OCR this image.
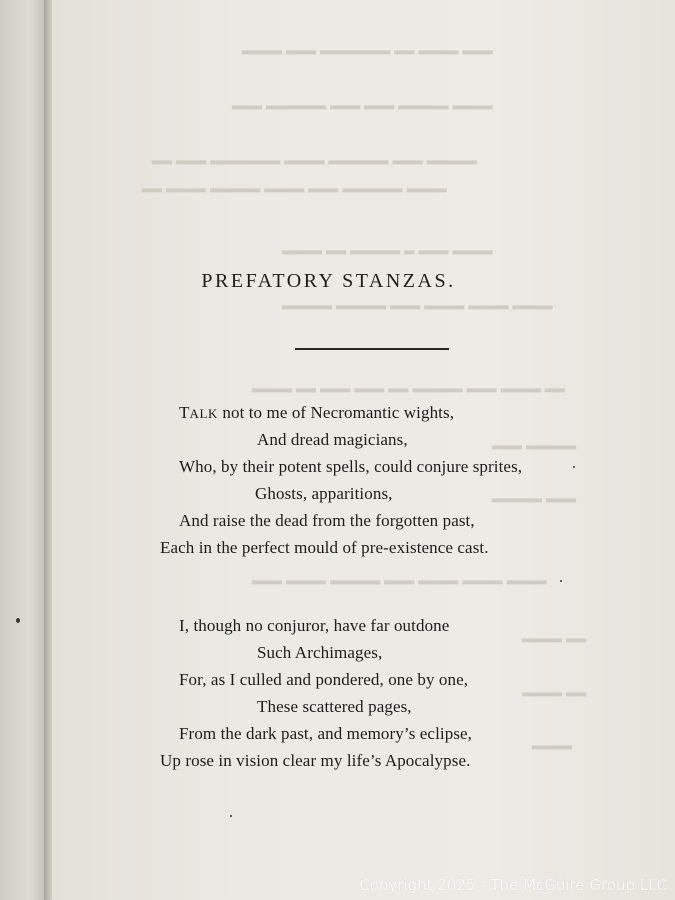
▂▂▂ ▂▂▂▂ ▂▂ ▂▂▂▂▂▂▂ ▂▂▂ ▂▂▂▂
▂▂▂▂ ▂▂▂▂▂ ▂▂▂ ▂▂▂ ▂▂▂▂▂▂ ▂▂▂
▂▂▂▂▂ ▂▂▂ ▂▂▂▂▂▂ ▂▂▂▂ ▂▂▂▂▂▂▂ ▂▂▂ ▂▂
▂▂▂▂ ▂▂▂▂▂▂ ▂▂▂ ▂▂▂▂ ▂▂▂▂▂ ▂▂▂▂ ▂▂
▂▂▂▂ ▂▂▂ ▂ ▂▂▂▂▂ ▂▂ ▂▂▂▂
▂▂▂▂ ▂▂▂▂ ▂▂▂▂ ▂▂▂ ▂▂▂▂▂ ▂▂▂▂▂
▂▂ ▂▂▂▂ ▂▂▂ ▂▂▂▂▂ ▂▂ ▂▂▂ ▂▂▂ ▂▂ ▂▂▂▂
▂▂▂▂▂ ▂▂▂
▂▂▂ ▂▂▂▂▂
▂▂▂▂ ▂▂▂▂ ▂▂▂▂ ▂▂▂ ▂▂▂▂▂ ▂▂▂▂ ▂▂▂
▂▂ ▂▂▂▂
▂▂ ▂▂▂▂
▂▂▂▂
PREFATORY STANZAS.
TALK not to me of Necromantic wights,
And dread magicians,
Who, by their potent spells, could conjure sprites,
Ghosts, apparitions,
And raise the dead from the forgotten past,
Each in the perfect mould of pre-existence cast.
I, though no conjuror, have far outdone
Such Archimages,
For, as I culled and pondered, one by one,
These scattered pages,
From the dark past, and memory’s eclipse,
Up rose in vision clear my life’s Apocalypse.
Copyright 2025 - The McGuire Group LLC
